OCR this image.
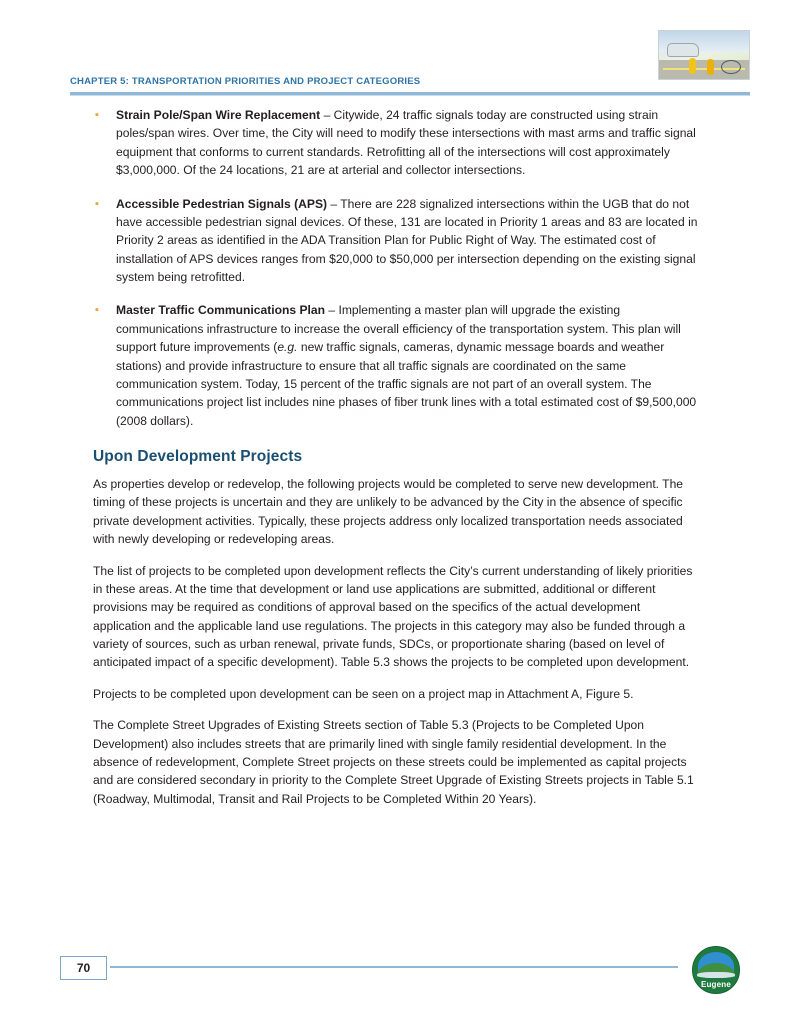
CHAPTER 5: TRANSPORTATION PRIORITIES AND PROJECT CATEGORIES
▪ Strain Pole/Span Wire Replacement – Citywide, 24 traffic signals today are constructed using strain poles/span wires. Over time, the City will need to modify these intersections with mast arms and traffic signal equipment that conforms to current standards. Retrofitting all of the intersections will cost approximately $3,000,000. Of the 24 locations, 21 are at arterial and collector intersections.
▪ Accessible Pedestrian Signals (APS) – There are 228 signalized intersections within the UGB that do not have accessible pedestrian signal devices. Of these, 131 are located in Priority 1 areas and 83 are located in Priority 2 areas as identified in the ADA Transition Plan for Public Right of Way. The estimated cost of installation of APS devices ranges from $20,000 to $50,000 per intersection depending on the existing signal system being retrofitted.
▪ Master Traffic Communications Plan – Implementing a master plan will upgrade the existing communications infrastructure to increase the overall efficiency of the transportation system. This plan will support future improvements (e.g. new traffic signals, cameras, dynamic message boards and weather stations) and provide infrastructure to ensure that all traffic signals are coordinated on the same communication system. Today, 15 percent of the traffic signals are not part of an overall system. The communications project list includes nine phases of fiber trunk lines with a total estimated cost of $9,500,000 (2008 dollars).
Upon Development Projects

As properties develop or redevelop, the following projects would be completed to serve new development. The timing of these projects is uncertain and they are unlikely to be advanced by the City in the absence of specific private development activities. Typically, these projects address only localized transportation needs associated with newly developing or redeveloping areas.

The list of projects to be completed upon development reflects the City’s current understanding of likely priorities in these areas. At the time that development or land use applications are submitted, additional or different provisions may be required as conditions of approval based on the specifics of the actual development application and the applicable land use regulations. The projects in this category may also be funded through a variety of sources, such as urban renewal, private funds, SDCs, or proportionate sharing (based on level of anticipated impact of a specific development). Table 5.3 shows the projects to be completed upon development.

Projects to be completed upon development can be seen on a project map in Attachment A, Figure 5.

The Complete Street Upgrades of Existing Streets section of Table 5.3 (Projects to be Completed Upon Development) also includes streets that are primarily lined with single family residential development. In the absence of redevelopment, Complete Street projects on these streets could be implemented as capital projects and are considered secondary in priority to the Complete Street Upgrade of Existing Streets projects in Table 5.1 (Roadway, Multimodal, Transit and Rail Projects to be Completed Within 20 Years).

70
Eugene
